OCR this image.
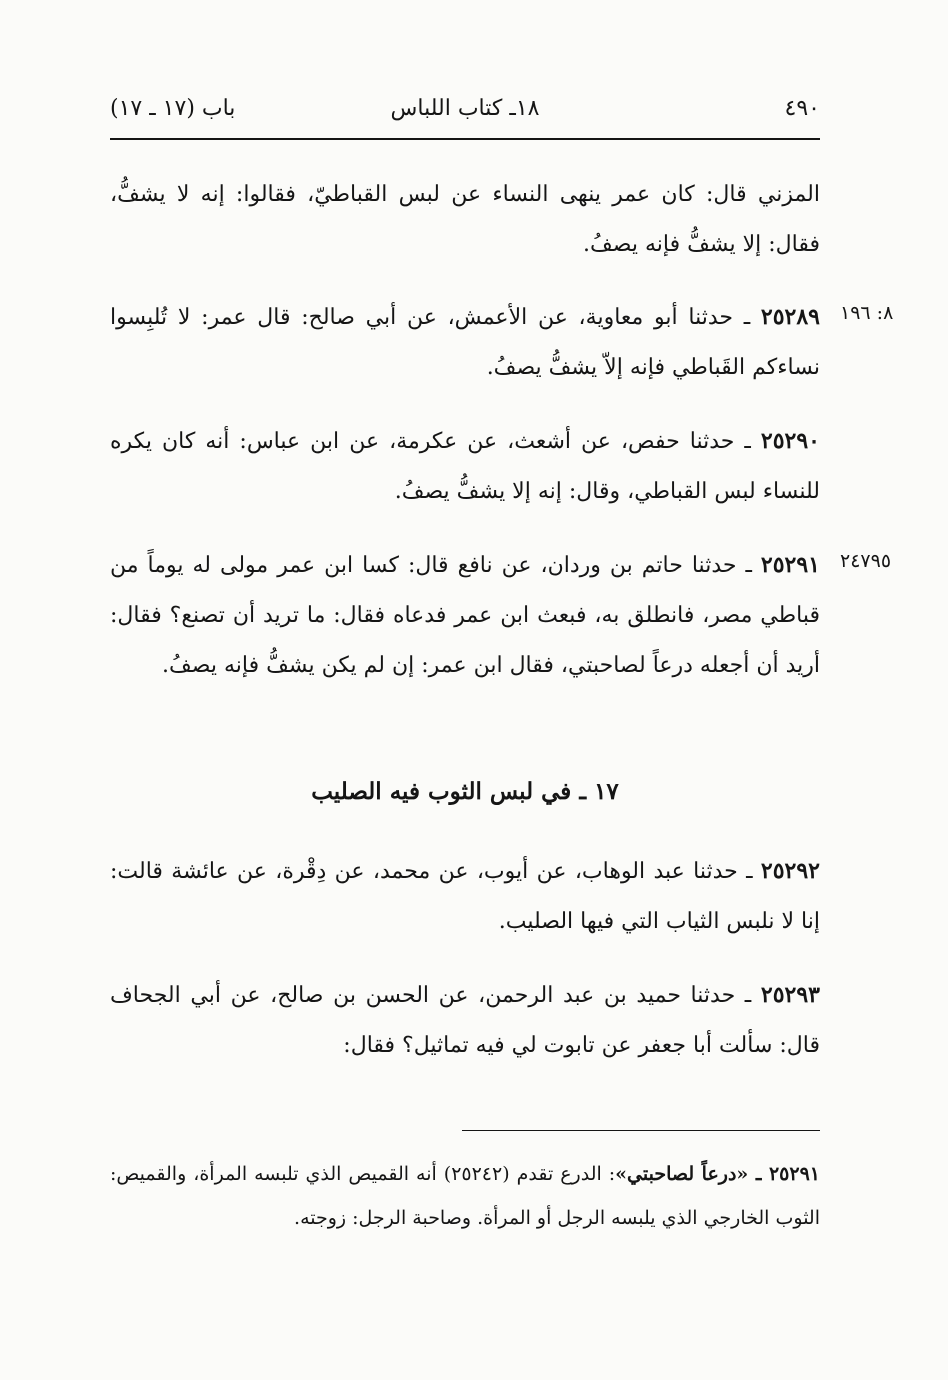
٤٩٠
١٨ـ كتاب اللباس
باب (١٧ ـ ١٧)

المزني قال: كان عمر ينهى النساء عن لبس القباطيّ، فقالوا: إنه لا يشفُّ، فقال: إلا يشفُّ فإنه يصفُ.

٨: ١٩٦

٢٥٢٨٩ ـ حدثنا أبو معاوية، عن الأعمش، عن أبي صالح: قال عمر: لا تُلبِسوا نساءكم القَباطي فإنه إلاّ يشفُّ يصفُ.

٢٥٢٩٠ ـ حدثنا حفص، عن أشعث، عن عكرمة، عن ابن عباس: أنه كان يكره للنساء لبس القباطي، وقال: إنه إلا يشفُّ يصفُ.

٢٤٧٩٥

٢٥٢٩١ ـ حدثنا حاتم بن وردان، عن نافع قال: كسا ابن عمر مولى له يوماً من قباطي مصر، فانطلق به، فبعث ابن عمر فدعاه فقال: ما تريد أن تصنع؟ فقال: أريد أن أجعله درعاً لصاحبتي، فقال ابن عمر: إن لم يكن يشفُّ فإنه يصفُ.

١٧ ـ في لبس الثوب فيه الصليب

٢٥٢٩٢ ـ حدثنا عبد الوهاب، عن أيوب، عن محمد، عن دِقْرة، عن عائشة قالت: إنا لا نلبس الثياب التي فيها الصليب.

٢٥٢٩٣ ـ حدثنا حميد بن عبد الرحمن، عن الحسن بن صالح، عن أبي الجحاف قال: سألت أبا جعفر عن تابوت لي فيه تماثيل؟ فقال:

٢٥٢٩١ ـ «درعاً لصاحبتي»: الدرع تقدم (٢٥٢٤٢) أنه القميص الذي تلبسه المرأة، والقميص: الثوب الخارجي الذي يلبسه الرجل أو المرأة. وصاحبة الرجل: زوجته.
